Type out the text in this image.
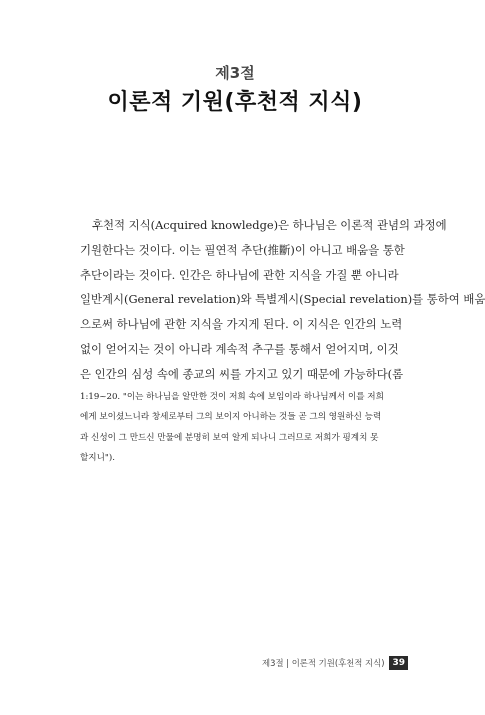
제3절
이론적 기원(후천적 지식)
후천적 지식(Acquired knowledge)은 하나님은 이론적 관념의 과정에
기원한다는 것이다. 이는 필연적 추단(推斷)이 아니고 배움을 통한
추단이라는 것이다. 인간은 하나님에 관한 지식을 가질 뿐 아니라
일반계시(General revelation)와 특별계시(Special revelation)를 통하여 배움
으로써 하나님에 관한 지식을 가지게 된다. 이 지식은 인간의 노력
없이 얻어지는 것이 아니라 계속적 추구를 통해서 얻어지며, 이것
은 인간의 심성 속에 종교의 씨를 가지고 있기 때문에 가능하다(롬
1:19~20. "이는 하나님을 알만한 것이 저희 속에 보임이라 하나님께서 이를 저희
에게 보이셨느니라 창세로부터 그의 보이지 아니하는 것들 곧 그의 영원하신 능력
과 신성이 그 만드신 만물에 분명히 보여 알게 되나니 그러므로 저희가 핑계치 못
할지니").
제3절 | 이론적 기원(후천적 지식) 39
